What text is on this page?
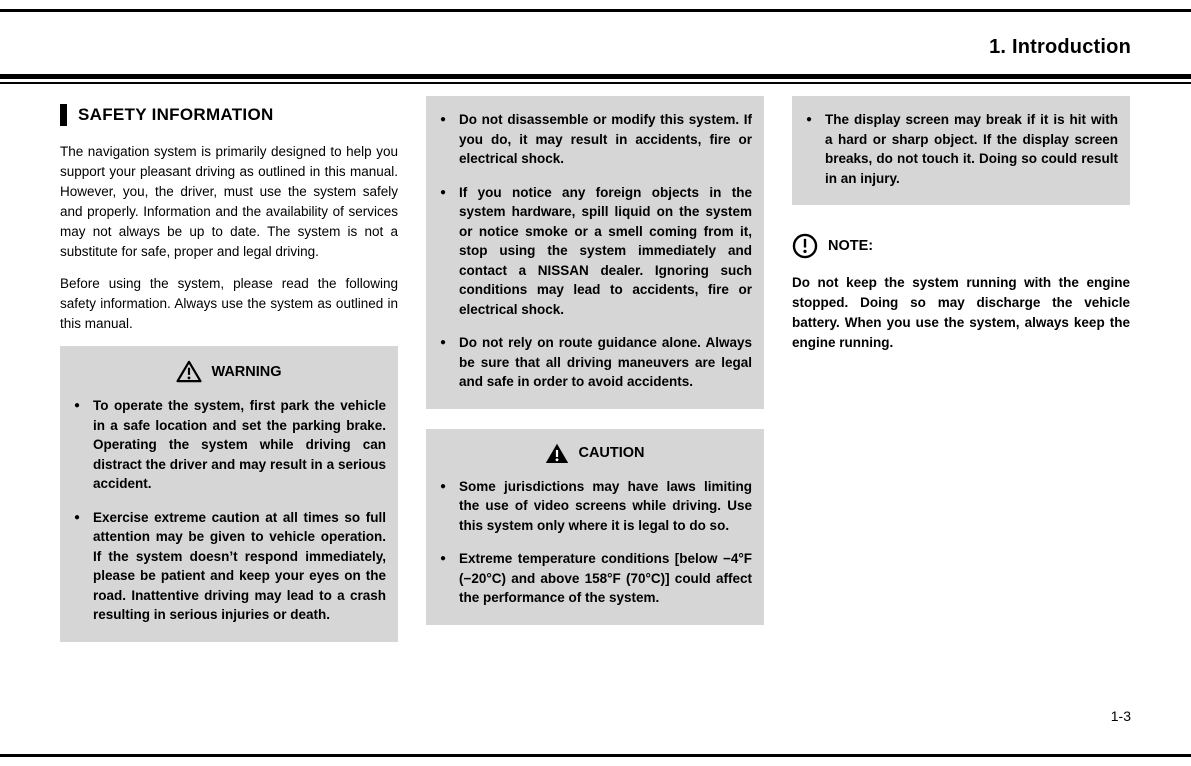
1. Introduction
SAFETY INFORMATION

The navigation system is primarily designed to help you support your pleasant driving as outlined in this manual. However, you, the driver, must use the system safely and properly. Information and the availability of services may not always be up to date. The system is not a substitute for safe, proper and legal driving.

Before using the system, please read the following safety information. Always use the system as outlined in this manual.

WARNING
● To operate the system, first park the vehicle in a safe location and set the parking brake. Operating the system while driving can distract the driver and may result in a serious accident.
● Exercise extreme caution at all times so full attention may be given to vehicle operation. If the system doesn’t respond immediately, please be patient and keep your eyes on the road. Inattentive driving may lead to a crash resulting in serious injuries or death.
● Do not disassemble or modify this system. If you do, it may result in accidents, fire or electrical shock.
● If you notice any foreign objects in the system hardware, spill liquid on the system or notice smoke or a smell coming from it, stop using the system immediately and contact a NISSAN dealer. Ignoring such conditions may lead to accidents, fire or electrical shock.
● Do not rely on route guidance alone. Always be sure that all driving maneuvers are legal and safe in order to avoid accidents.
CAUTION
● Some jurisdictions may have laws limiting the use of video screens while driving. Use this system only where it is legal to do so.
● Extreme temperature conditions [below −4°F (−20°C) and above 158°F (70°C)] could affect the performance of the system.
● The display screen may break if it is hit with a hard or sharp object. If the display screen breaks, do not touch it. Doing so could result in an injury.
NOTE:

Do not keep the system running with the engine stopped. Doing so may discharge the vehicle battery. When you use the system, always keep the engine running.

1-3
